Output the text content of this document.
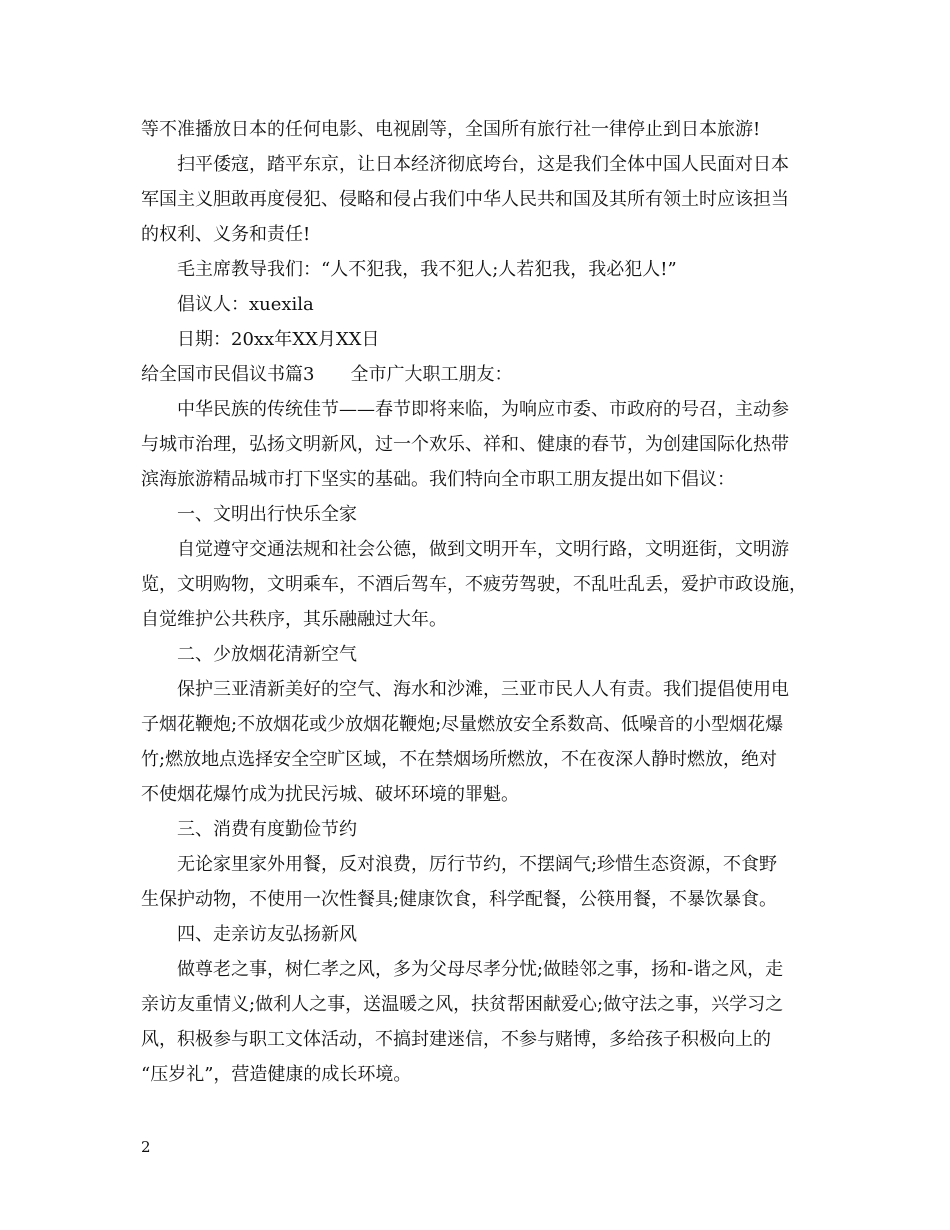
等不准播放日本的任何电影、电视剧等，全国所有旅行社一律停止到日本旅游!
扫平倭寇，踏平东京，让日本经济彻底垮台，这是我们全体中国人民面对日本
军国主义胆敢再度侵犯、侵略和侵占我们中华人民共和国及其所有领土时应该担当
的权利、义务和责任!
毛主席教导我们：“人不犯我，我不犯人;人若犯我，我必犯人!”
倡议人：xuexila
日期：20xx年XX月XX日
给全国市民倡议书篇3　　全市广大职工朋友：
中华民族的传统佳节——春节即将来临，为响应市委、市政府的号召，主动参
与城市治理，弘扬文明新风，过一个欢乐、祥和、健康的春节，为创建国际化热带
滨海旅游精品城市打下坚实的基础。我们特向全市职工朋友提出如下倡议：
一、文明出行快乐全家
自觉遵守交通法规和社会公德，做到文明开车，文明行路，文明逛街，文明游
览，文明购物，文明乘车，不酒后驾车，不疲劳驾驶，不乱吐乱丢，爱护市政设施，
自觉维护公共秩序，其乐融融过大年。
二、少放烟花清新空气
保护三亚清新美好的空气、海水和沙滩，三亚市民人人有责。我们提倡使用电
子烟花鞭炮;不放烟花或少放烟花鞭炮;尽量燃放安全系数高、低噪音的小型烟花爆
竹;燃放地点选择安全空旷区域，不在禁烟场所燃放，不在夜深人静时燃放，绝对
不使烟花爆竹成为扰民污城、破坏环境的罪魁。
三、消费有度勤俭节约
无论家里家外用餐，反对浪费，厉行节约，不摆阔气;珍惜生态资源，不食野
生保护动物，不使用一次性餐具;健康饮食，科学配餐，公筷用餐，不暴饮暴食。
四、走亲访友弘扬新风
做尊老之事，树仁孝之风，多为父母尽孝分忧;做睦邻之事，扬和-谐之风，走
亲访友重情义;做利人之事，送温暖之风，扶贫帮困献爱心;做守法之事，兴学习之
风，积极参与职工文体活动，不搞封建迷信，不参与赌博，多给孩子积极向上的
“压岁礼”，营造健康的成长环境。
2
